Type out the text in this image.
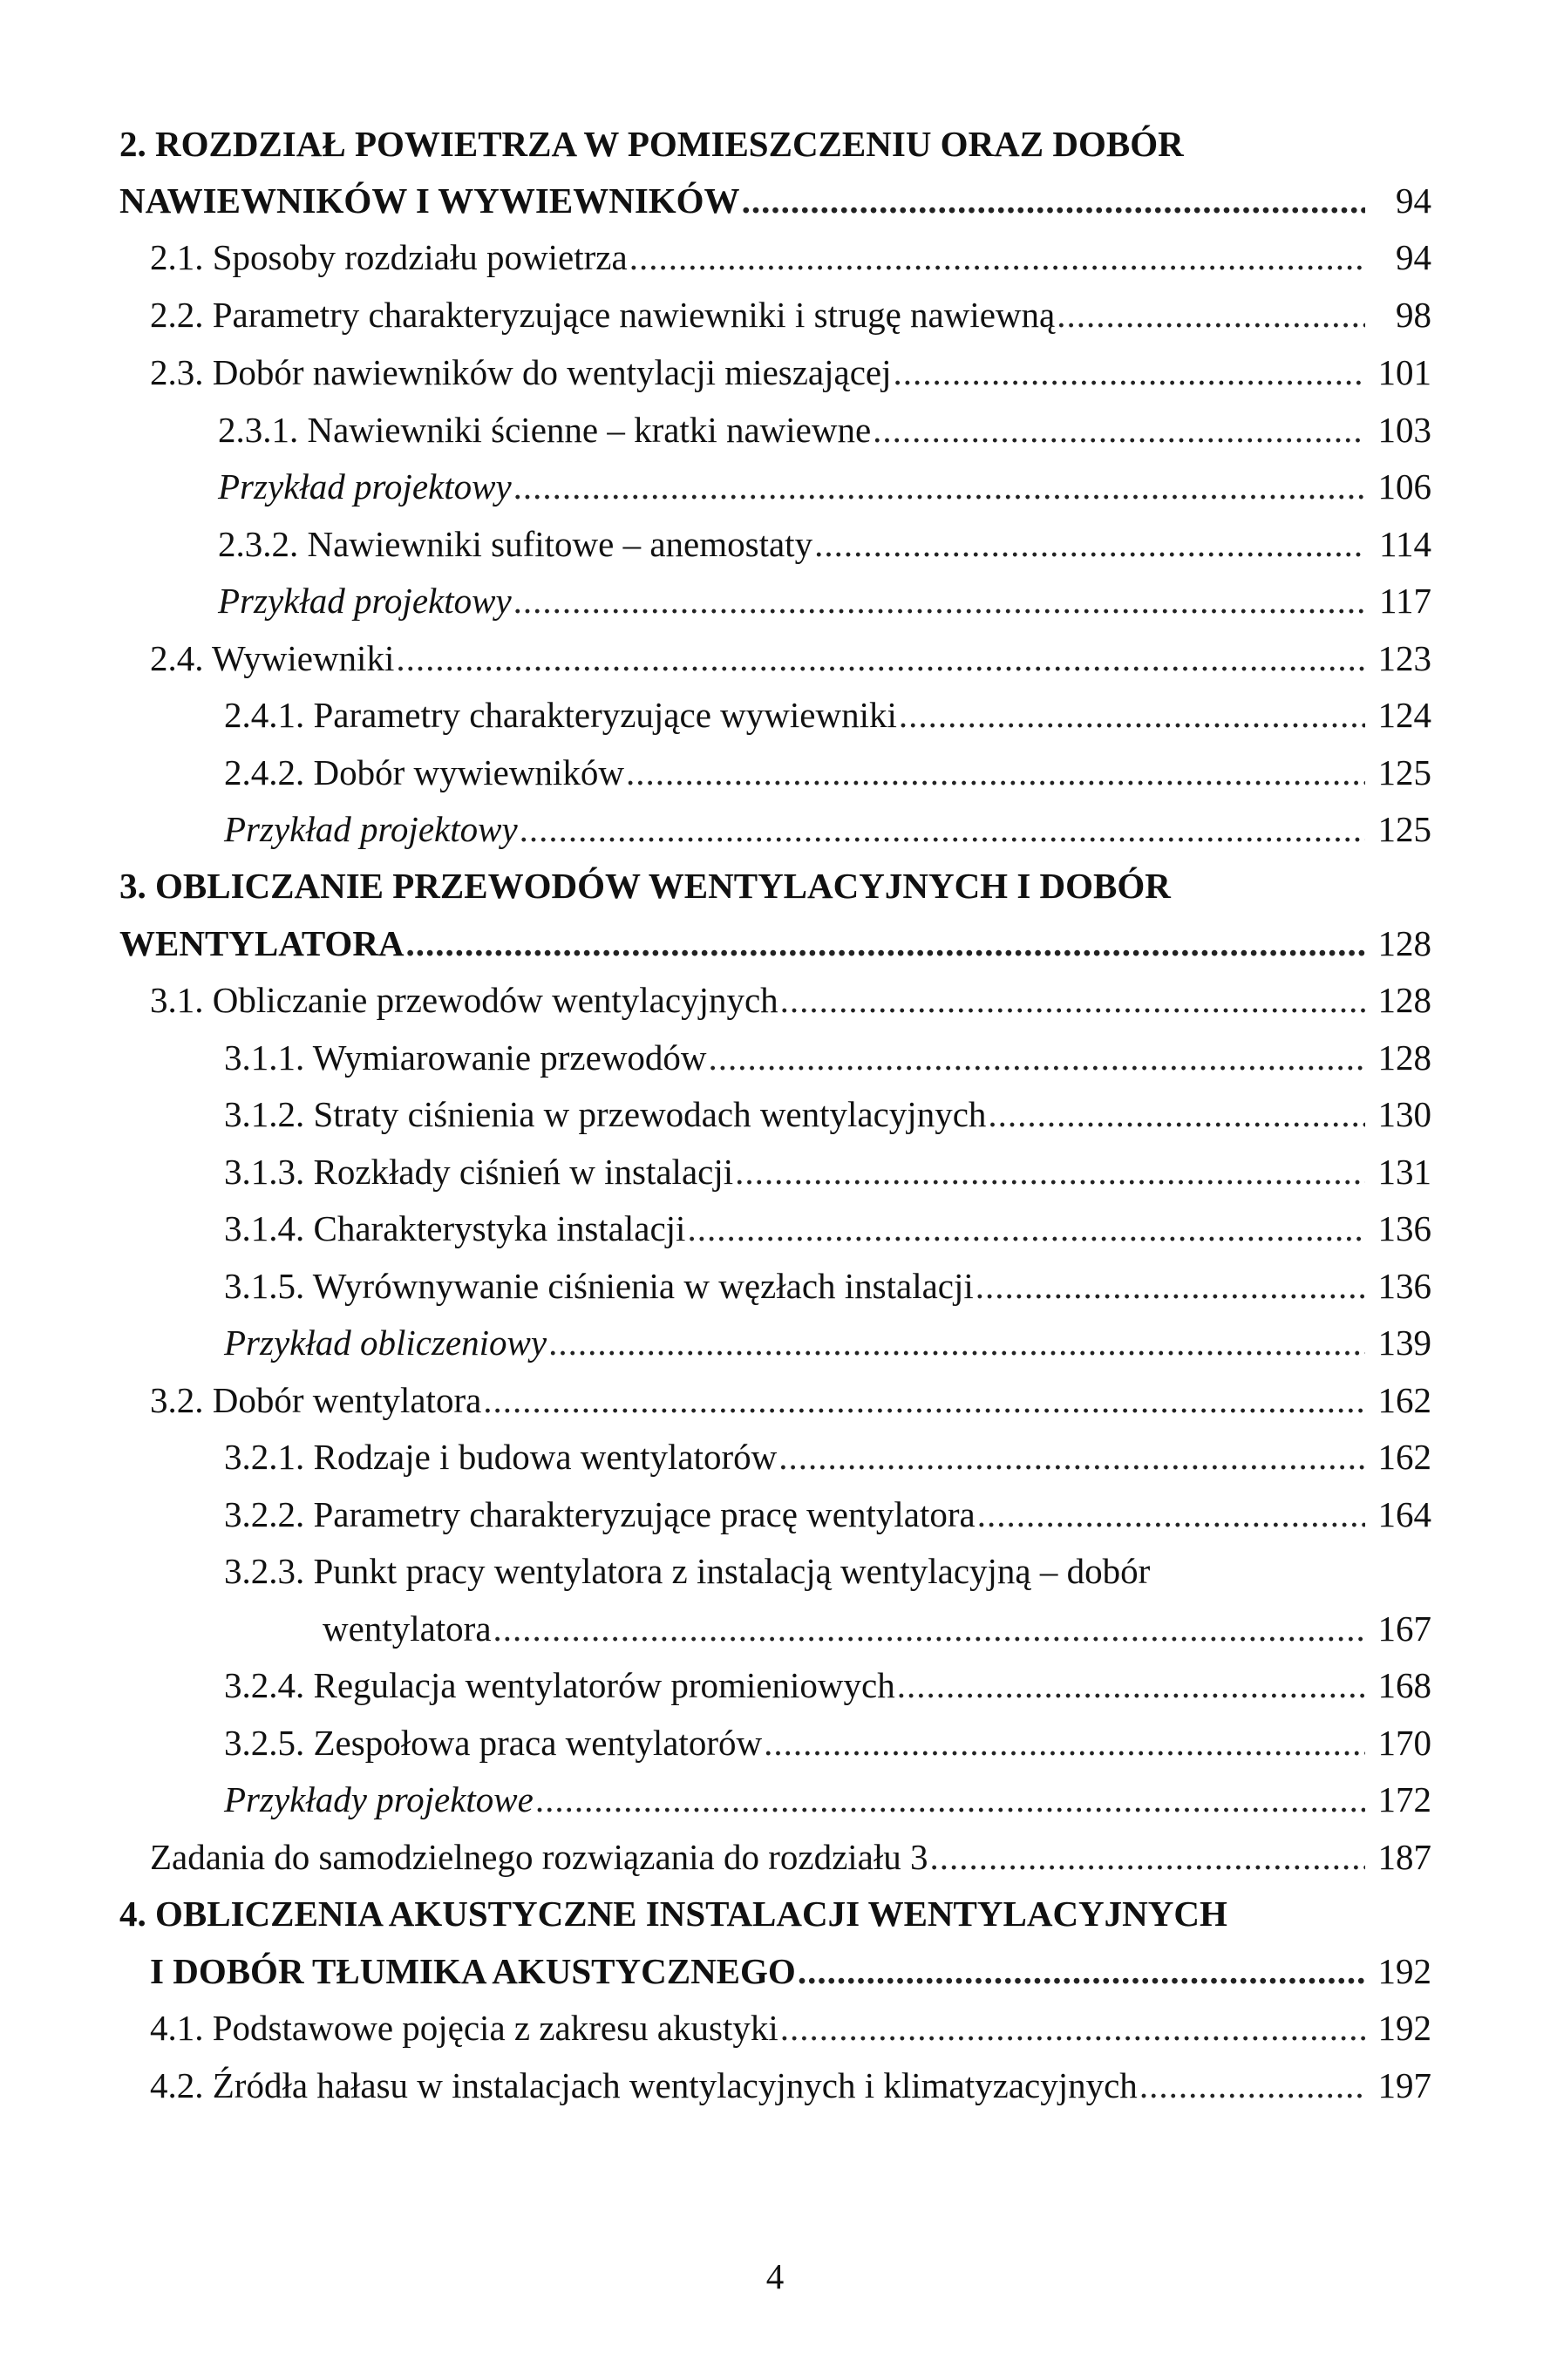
2. ROZDZIAŁ POWIETRZA W POMIESZCZENIU ORAZ DOBÓR
NAWIEWNIKÓW I WYWIEWNIKÓW .....	94
2.1. Sposoby rozdziału powietrza .....	94
2.2. Parametry charakteryzujące nawiewniki i strugę nawiewną .....	98
2.3. Dobór nawiewników do wentylacji mieszającej .....	101
2.3.1. Nawiewniki ścienne – kratki nawiewne .....	103
Przykład projektowy .....	106
2.3.2. Nawiewniki sufitowe – anemostaty .....	114
Przykład projektowy .....	117
2.4. Wywiewniki .....	123
2.4.1. Parametry charakteryzujące wywiewniki .....	124
2.4.2. Dobór wywiewników .....	125
Przykład projektowy .....	125
3. OBLICZANIE PRZEWODÓW WENTYLACYJNYCH I DOBÓR
WENTYLATORA .....	128
3.1. Obliczanie przewodów wentylacyjnych .....	128
3.1.1. Wymiarowanie przewodów .....	128
3.1.2. Straty ciśnienia w przewodach wentylacyjnych .....	130
3.1.3. Rozkłady ciśnień w instalacji .....	131
3.1.4. Charakterystyka instalacji .....	136
3.1.5. Wyrównywanie ciśnienia w węzłach instalacji .....	136
Przykład obliczeniowy .....	139
3.2. Dobór wentylatora .....	162
3.2.1. Rodzaje i budowa wentylatorów .....	162
3.2.2. Parametry charakteryzujące pracę wentylatora .....	164
3.2.3. Punkt pracy wentylatora z instalacją wentylacyjną – dobór
wentylatora .....	167
3.2.4. Regulacja wentylatorów promieniowych .....	168
3.2.5. Zespołowa praca wentylatorów .....	170
Przykłady projektowe .....	172
Zadania do samodzielnego rozwiązania do rozdziału 3 .....	187
4. OBLICZENIA AKUSTYCZNE INSTALACJI WENTYLACYJNYCH
I DOBÓR TŁUMIKA AKUSTYCZNEGO .....	192
4.1. Podstawowe pojęcia z zakresu akustyki .....	192
4.2. Źródła hałasu w instalacjach wentylacyjnych i klimatyzacyjnych .....	197
4
